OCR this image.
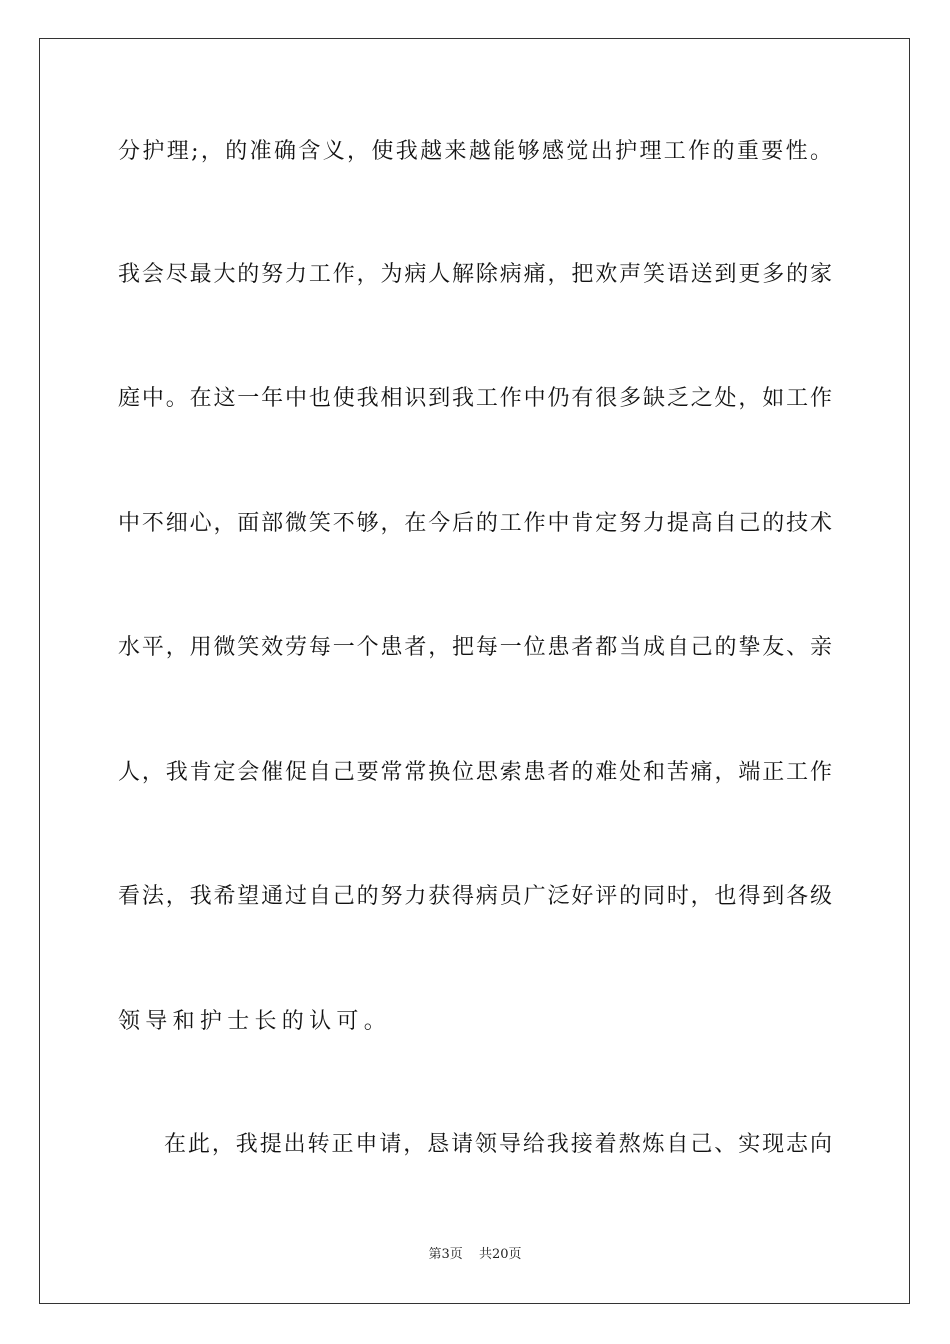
分护理;，的准确含义，使我越来越能够感觉出护理工作的重要性。
我会尽最大的努力工作，为病人解除病痛，把欢声笑语送到更多的家
庭中。在这一年中也使我相识到我工作中仍有很多缺乏之处，如工作
中不细心，面部微笑不够，在今后的工作中肯定努力提高自己的技术
水平，用微笑效劳每一个患者，把每一位患者都当成自己的挚友、亲
人，我肯定会催促自己要常常换位思索患者的难处和苦痛，端正工作
看法，我希望通过自己的努力获得病员广泛好评的同时，也得到各级
领导和护士长的认可。
在此，我提出转正申请，恳请领导给我接着熬炼自己、实现志向
第3页 共20页
